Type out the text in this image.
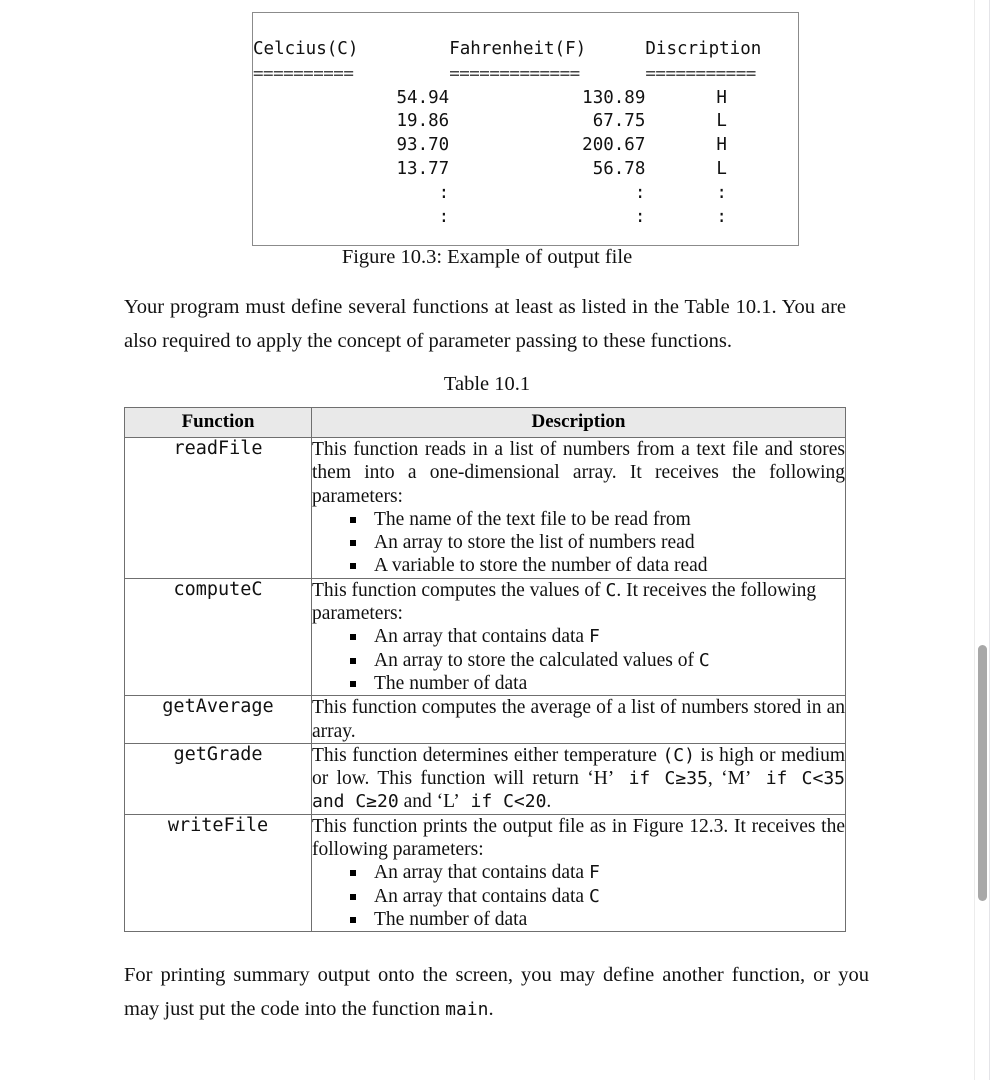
Celcius(C)	Fahrenheit(F)	Discription
==========	=============	===========
54.94	130.89	H
19.86	67.75	L
93.70	200.67	H
13.77	56.78	L
:	:	:
:	:	:
Figure 10.3: Example of output file
Your program must define several functions at least as listed in the Table 10.1. You are also required to apply the concept of parameter passing to these functions.
Table 10.1
Function	Description
readFile	This function reads in a list of numbers from a text file and stores them into a one-dimensional array. It receives the following parameters:

The name of the text file to be read from
An array to store the list of numbers read
A variable to store the number of data read

computeC	This function computes the values of C. It receives the following parameters:

An array that contains data F
An array to store the calculated values of C
The number of data

getAverage	This function computes the average of a list of numbers stored in an array.

getGrade	This function determines either temperature (C) is high or medium or low. This function will return ‘H’ if C≥35, ‘M’ if C<35 and C≥20 and ‘L’ if C<20.

writeFile	This function prints the output file as in Figure 12.3. It receives the following parameters:

An array that contains data F
An array that contains data C
The number of data
For printing summary output onto the screen, you may define another function, or you may just put the code into the function main.
